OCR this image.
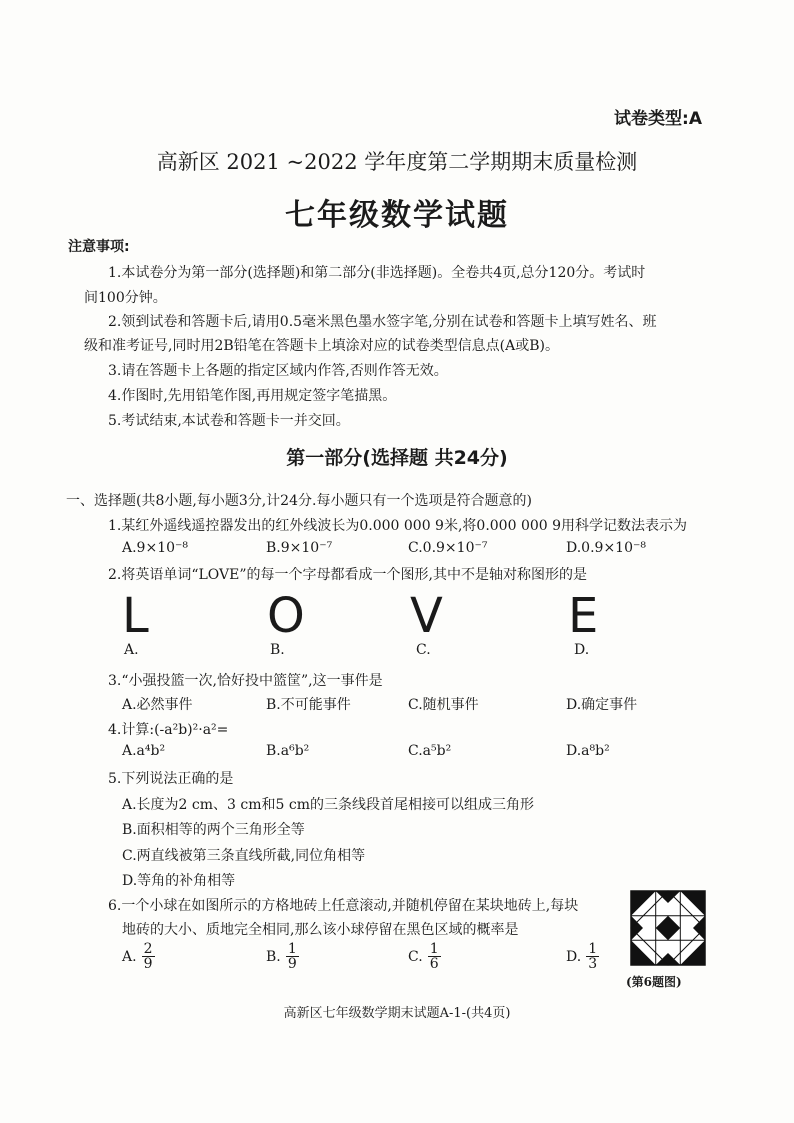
试卷类型:A
高新区 2021 ~2022 学年度第二学期期末质量检测
七年级数学试题
注意事项:
1.本试卷分为第一部分(选择题)和第二部分(非选择题)。全卷共4页,总分120分。考试时
间100分钟。
2.领到试卷和答题卡后,请用0.5毫米黑色墨水签字笔,分别在试卷和答题卡上填写姓名、班
级和准考证号,同时用2B铅笔在答题卡上填涂对应的试卷类型信息点(A或B)。
3.请在答题卡上各题的指定区域内作答,否则作答无效。
4.作图时,先用铅笔作图,再用规定签字笔描黑。
5.考试结束,本试卷和答题卡一并交回。
第一部分(选择题 共24分)
一、选择题(共8小题,每小题3分,计24分.每小题只有一个选项是符合题意的)
1.某红外遥线遥控器发出的红外线波长为0.000 000 9米,将0.000 000 9用科学记数法表示为
A.9×10⁻⁸	B.9×10⁻⁷	C.0.9×10⁻⁷	D.0.9×10⁻⁸
2.将英语单词“LOVE”的每一个字母都看成一个图形,其中不是轴对称图形的是
L O V	E
A.	B.	C.	D.
3.“小强投篮一次,恰好投中篮筐”,这一事件是
A.必然事件	B.不可能事件	C.随机事件	D.确定事件
4.计算:(-a²b)²·a²=
A.a⁴b²	B.a⁶b²	C.a⁵b²	D.a⁸b²
5.下列说法正确的是
A.长度为2 cm、3 cm和5 cm的三条线段首尾相接可以组成三角形
B.面积相等的两个三角形全等
C.两直线被第三条直线所截,同位角相等
D.等角的补角相等
6.一个小球在如图所示的方格地砖上任意滚动,并随机停留在某块地砖上,每块
地砖的大小、质地完全相同,那么该小球停留在黑色区域的概率是
A. $\frac{2}{9}$	B. $\frac{1}{9}$	C. $\frac{1}{6}$	D. $\frac{1}{3}$
(第6题图)
高新区七年级数学期末试题A-1-(共4页)
